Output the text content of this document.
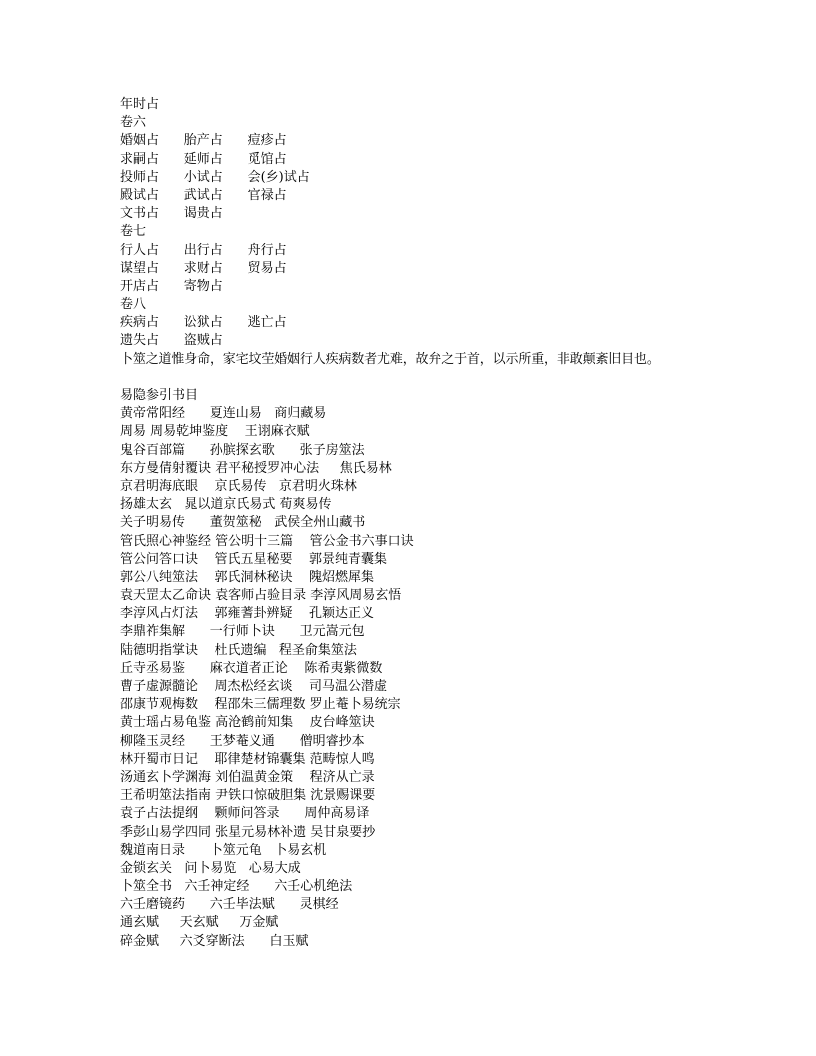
年时占
卷六
婚姻占      胎产占      痘疹占
求嗣占      延师占      觅馆占
投师占      小试占      会(乡)试占
殿试占      武试占      官禄占
文书占      谒贵占
卷七
行人占      出行占      舟行占
谋望占      求财占      贸易占
开店占      寄物占
卷八
疾病占      讼狱占      逃亡占
遗失占      盗贼占
卜筮之道惟身命，家宅坟茔婚姻行人疾病数者尤难，故弁之于首，以示所重，非敢颠紊旧目也。
易隐参引书目
黄帝常阳经      夏连山易   商归藏易
周易 周易乾坤鉴度    王诩麻衣赋
鬼谷百部篇      孙膑探玄歌      张子房筮法
东方曼倩射覆诀 君平秘授罗冲心法     焦氏易林
京君明海底眼    京氏易传   京君明火珠林
扬雄太玄   晁以道京氏易式 荀爽易传
关子明易传      董贺筮秘   武侯全州山藏书
管氏照心神鉴经 管公明十三篇    管公金书六事口诀
管公问答口诀    管氏五星秘要    郭景纯青囊集
郭公八纯筮法    郭氏洞林秘诀    隗炤燃犀集
袁天罡太乙命诀 袁客师占验目录 李淳风周易玄悟
李淳风占灯法    郭雍蓍卦辨疑    孔颖达正义
李鼎祚集解      一行师卜诀      卫元嵩元包
陆德明指掌诀    杜氏遗编   程圣俞集筮法
丘寺丞易鉴      麻衣道者正论    陈希夷紫微数
曹子虚源髓论    周杰松经玄谈    司马温公潜虚
邵康节观梅数    程邵朱三儒理数 罗止菴卜易统宗
黄士瑶占易龟鉴 高沧鹤前知集    皮台峰筮诀
柳隆玉灵经      王梦菴义通      僧明睿抄本
林幵蜀市日记    耶律楚材锦囊集 范畴惊人鸣
汤通玄卜学渊海 刘伯温黄金策    程济从亡录
王希明筮法指南 尹铁口惊破胆集 沈景赐课要
袁子占法提纲    颗师问答录      周仲高易译
季彭山易学四同 张星元易林补遗 吴甘泉要抄
魏道南日录      卜筮元龟   卜易玄机
金锁玄关   问卜易览   心易大成
卜筮全书   六壬神定经      六壬心机绝法
六壬磨镜药      六壬毕法赋      灵棋经
通玄赋     天玄赋     万金赋
碎金赋     六爻穿断法      白玉赋
